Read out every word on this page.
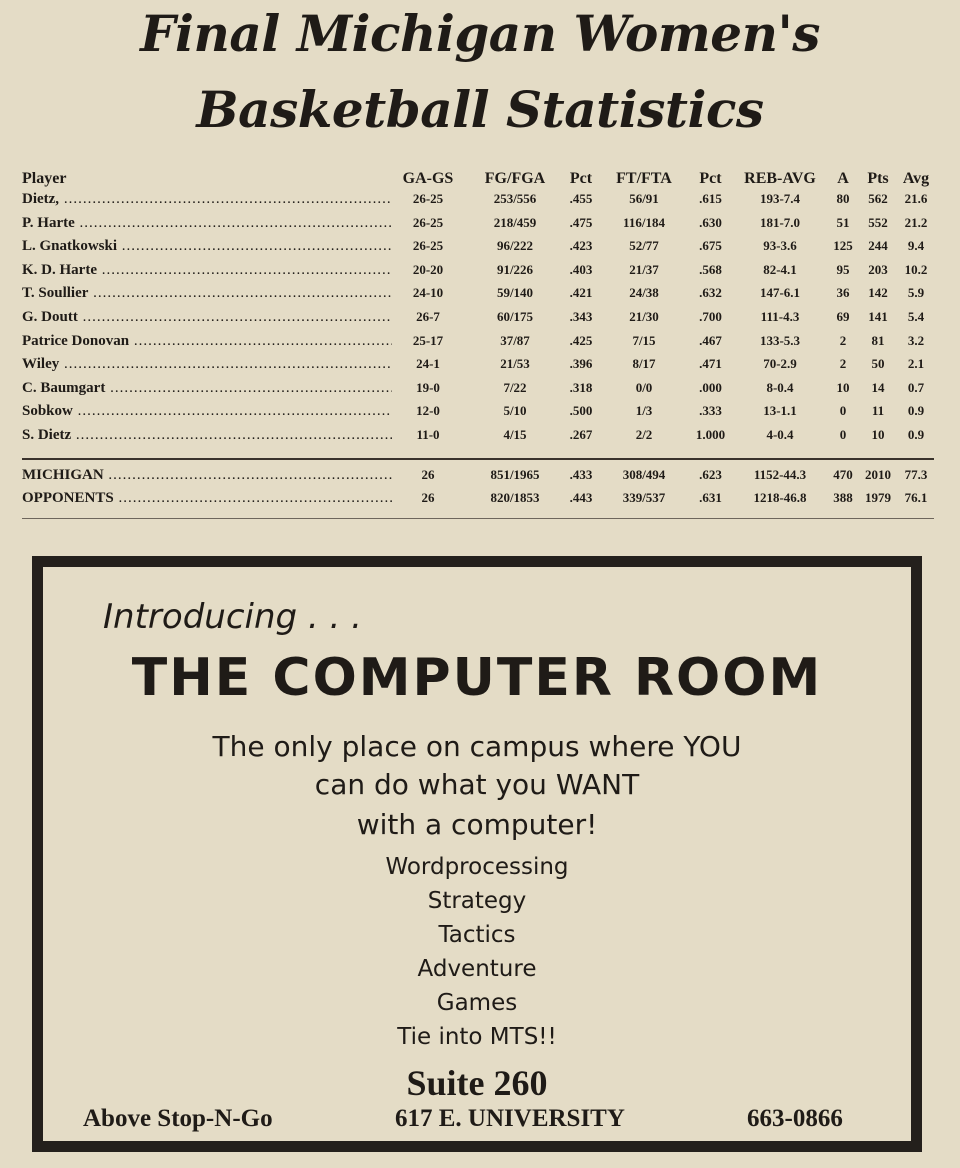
Final Michigan Women's
Basketball Statistics
Player	GA-GS	FG/FGA	Pct	FT/FTA	Pct	REB-AVG	A	Pts Avg
Dietz, .....	26-25	253/556	.455	56/91	.615	193-7.4	80	562	21.6
P. Harte .....	26-25	218/459	.475	116/184	.630	181-7.0	51	552	21.2
L. Gnatkowski .....	26-25	96/222	.423	52/77	.675	93-3.6	125	244	9.4
K. D. Harte .....	20-20	91/226	.403	21/37	.568	82-4.1	95	203	10.2
T. Soullier .....	24-10	59/140	.421	24/38	.632	147-6.1	36	142	5.9
G. Doutt .....	26-7	60/175	.343	21/30	.700	111-4.3	69	141	5.4
Patrice Donovan .....	25-17	37/87	.425	7/15	.467	133-5.3	2	81	3.2
Wiley .....	24-1	21/53	.396	8/17	.471	70-2.9	2	50	2.1
C. Baumgart .....	19-0	7/22	.318	0/0	.000	8-0.4	10	14	0.7
Sobkow .....	12-0	5/10	.500	1/3	.333	13-1.1	0	11	0.9
S. Dietz .....	11-0	4/15	.267	2/2	1.000	4-0.4	0	10	0.9
MICHIGAN .....	26	851/1965	.433	308/494	.623	1152-44.3	470 2010	77.3
OPPONENTS .....	26	820/1853	.443	339/537	.631	1218-46.8	388 1979	76.1
Introducing . . .
THE COMPUTER ROOM
The only place on campus where YOU
can do what you WANT
with a computer!
Wordprocessing
Strategy
Tactics
Adventure
Games
Tie into MTS!!
Suite 260
Above Stop-N-Go	617 E. UNIVERSITY	663-0866
